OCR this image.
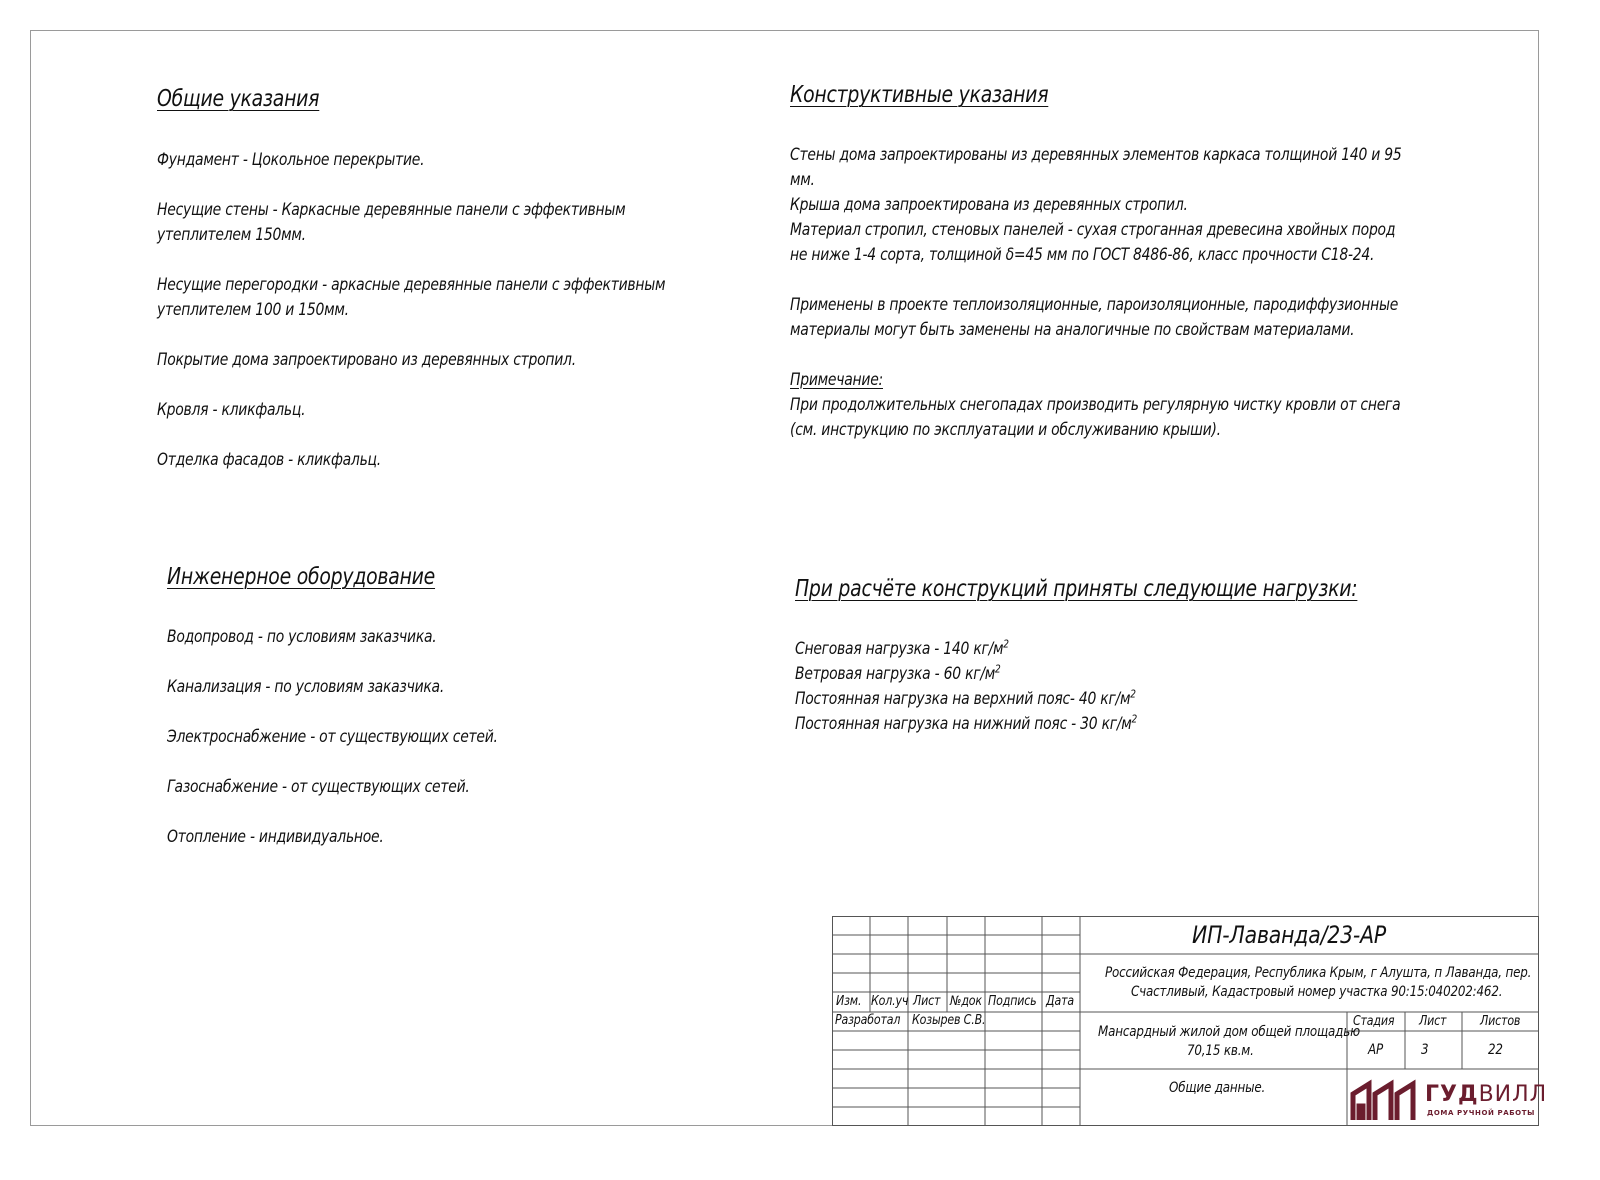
Общие указания
Фундамент - Цокольное перекрытие.
Несущие стены - Каркасные деревянные панели с эффективным
утеплителем 150мм.
Несущие перегородки - аркасные деревянные панели с эффективным
утеплителем 100 и 150мм.
Покрытие дома запроектировано из деревянных стропил.
Кровля - кликфальц.
Отделка фасадов - кликфальц.
Конструктивные указания
Стены дома запроектированы из деревянных элементов каркаса толщиной 140 и 95
мм.
Крыша дома запроектирована из деревянных стропил.
Материал стропил, стеновых панелей - сухая строганная древесина хвойных пород
не ниже 1-4 сорта, толщиной δ=45 мм по ГОСТ 8486-86, класс прочности С18-24.
Применены в проекте теплоизоляционные, пароизоляционные, пародиффузионные
материалы могут быть заменены на аналогичные по свойствам материалами.
Примечание:
При продолжительных снегопадах производить регулярную чистку кровли от снега
(см. инструкцию по эксплуатации и обслуживанию крыши).
Инженерное оборудование
Водопровод - по условиям заказчика.
Канализация - по условиям заказчика.
Электроснабжение - от существующих сетей.
Газоснабжение - от существующих сетей.
Отопление - индивидуальное.
При расчёте конструкций приняты следующие нагрузки:
Снеговая нагрузка - 140 $кг/м^2$
Ветровая нагрузка - 60 $кг/м^2$
Постоянная нагрузка на верхний пояс- 40 $кг/м^2$
Постоянная нагрузка на нижний пояс - 30 $кг/м^2$
Изм. Кол.уч Лист №док Подпись Дата
Разработал Козырев С.В.
ИП-Лаванда/23-АР
Российская Федерация, Республика Крым, г Алушта, п Лаванда, пер.
Счастливый, Кадастровый номер участка 90:15:040202:462.
Мансардный жилой дом общей площадью
70,15 кв.м.
Стадия Лист	Листов
АР	3	22
Общие данные.	ГУДВИЛЛ
ДОМА РУЧНОЙ РАБОТЫ
